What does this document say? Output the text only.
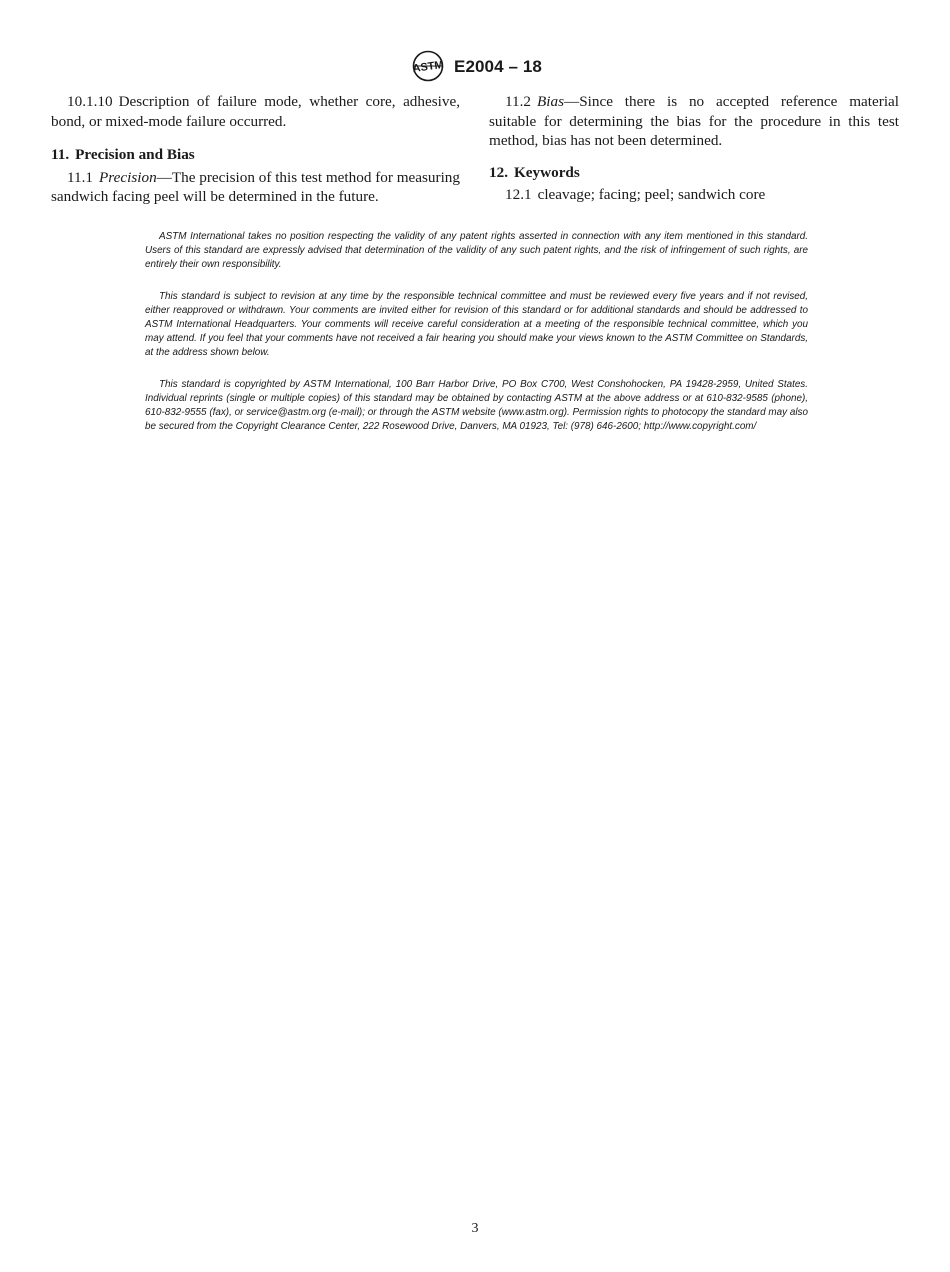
ASTM E2004 – 18

10.1.10 Description of failure mode, whether core, adhesive, bond, or mixed-mode failure occurred.

11. Precision and Bias

11.1 Precision—The precision of this test method for measuring sandwich facing peel will be determined in the future.

11.2 Bias—Since there is no accepted reference material suitable for determining the bias for the procedure in this test method, bias has not been determined.

12. Keywords

12.1 cleavage; facing; peel; sandwich core

ASTM International takes no position respecting the validity of any patent rights asserted in connection with any item mentioned in this standard. Users of this standard are expressly advised that determination of the validity of any such patent rights, and the risk of infringement of such rights, are entirely their own responsibility.

This standard is subject to revision at any time by the responsible technical committee and must be reviewed every five years and if not revised, either reapproved or withdrawn. Your comments are invited either for revision of this standard or for additional standards and should be addressed to ASTM International Headquarters. Your comments will receive careful consideration at a meeting of the responsible technical committee, which you may attend. If you feel that your comments have not received a fair hearing you should make your views known to the ASTM Committee on Standards, at the address shown below.

This standard is copyrighted by ASTM International, 100 Barr Harbor Drive, PO Box C700, West Conshohocken, PA 19428-2959, United States. Individual reprints (single or multiple copies) of this standard may be obtained by contacting ASTM at the above address or at 610-832-9585 (phone), 610-832-9555 (fax), or service@astm.org (e-mail); or through the ASTM website (www.astm.org). Permission rights to photocopy the standard may also be secured from the Copyright Clearance Center, 222 Rosewood Drive, Danvers, MA 01923, Tel: (978) 646-2600; http://www.copyright.com/

3
